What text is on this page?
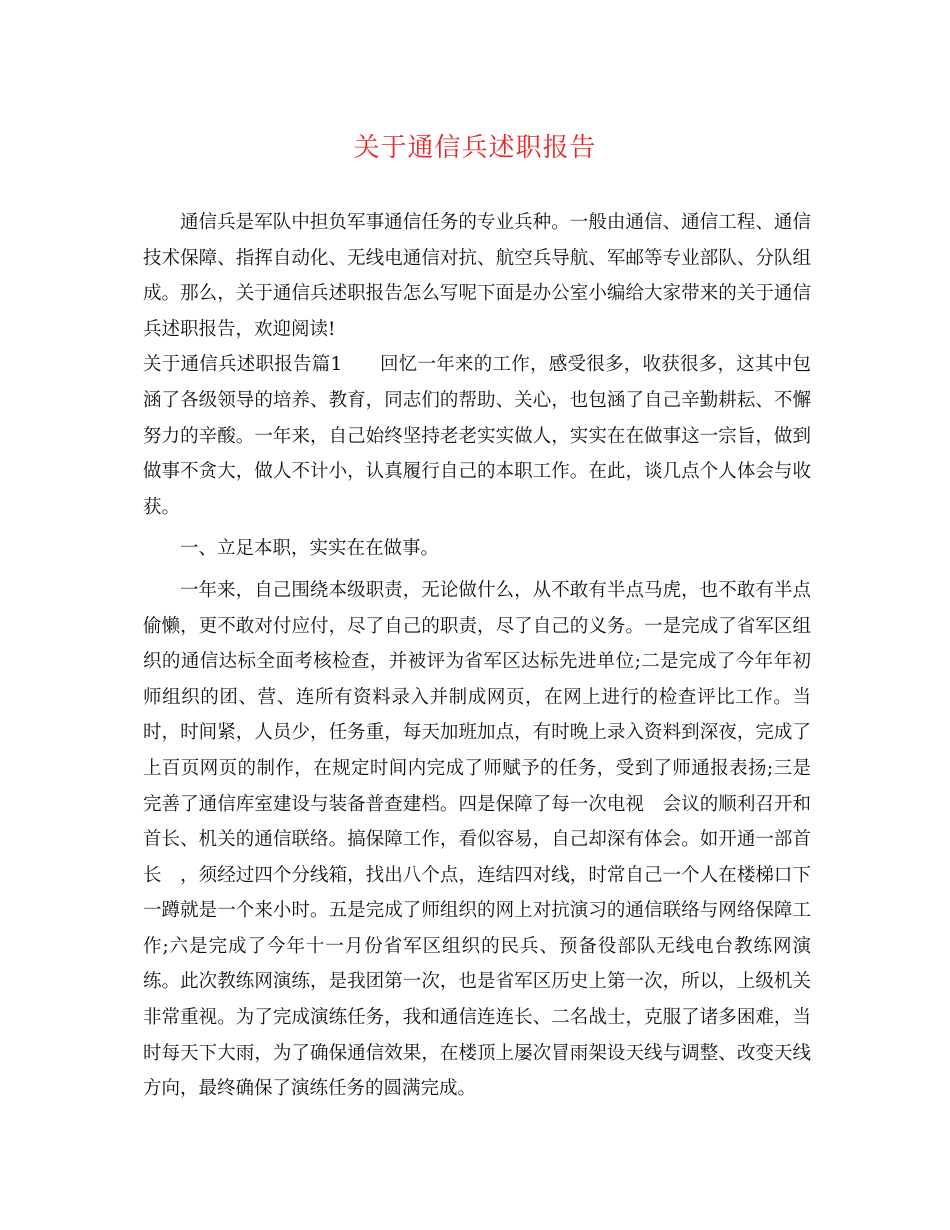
关于通信兵述职报告

通信兵是军队中担负军事通信任务的专业兵种。一般由通信、通信工程、通信技术保障、指挥自动化、无线电通信对抗、航空兵导航、军邮等专业部队、分队组成。那么，关于通信兵述职报告怎么写呢下面是办公室小编给大家带来的关于通信兵述职报告，欢迎阅读!

关于通信兵述职报告篇1　　回忆一年来的工作，感受很多，收获很多，这其中包涵了各级领导的培养、教育，同志们的帮助、关心，也包涵了自己辛勤耕耘、不懈努力的辛酸。一年来，自己始终坚持老老实实做人，实实在在做事这一宗旨，做到做事不贪大，做人不计小，认真履行自己的本职工作。在此，谈几点个人体会与收获。

一、立足本职，实实在在做事。

一年来，自己围绕本级职责，无论做什么，从不敢有半点马虎，也不敢有半点偷懒，更不敢对付应付，尽了自己的职责，尽了自己的义务。一是完成了省军区组织的通信达标全面考核检查，并被评为省军区达标先进单位;二是完成了今年年初师组织的团、营、连所有资料录入并制成网页，在网上进行的检查评比工作。当时，时间紧，人员少，任务重，每天加班加点，有时晚上录入资料到深夜，完成了上百页网页的制作，在规定时间内完成了师赋予的任务，受到了师通报表扬;三是完善了通信库室建设与装备普查建档。四是保障了每一次电视　会议的顺利召开和首长、机关的通信联络。搞保障工作，看似容易，自己却深有体会。如开通一部首长　，须经过四个分线箱，找出八个点，连结四对线，时常自己一个人在楼梯口下一蹲就是一个来小时。五是完成了师组织的网上对抗演习的通信联络与网络保障工作;六是完成了今年十一月份省军区组织的民兵、预备役部队无线电台教练网演练。此次教练网演练，是我团第一次，也是省军区历史上第一次，所以，上级机关非常重视。为了完成演练任务，我和通信连连长、二名战士，克服了诸多困难，当时每天下大雨，为了确保通信效果，在楼顶上屡次冒雨架设天线与调整、改变天线方向，最终确保了演练任务的圆满完成。
